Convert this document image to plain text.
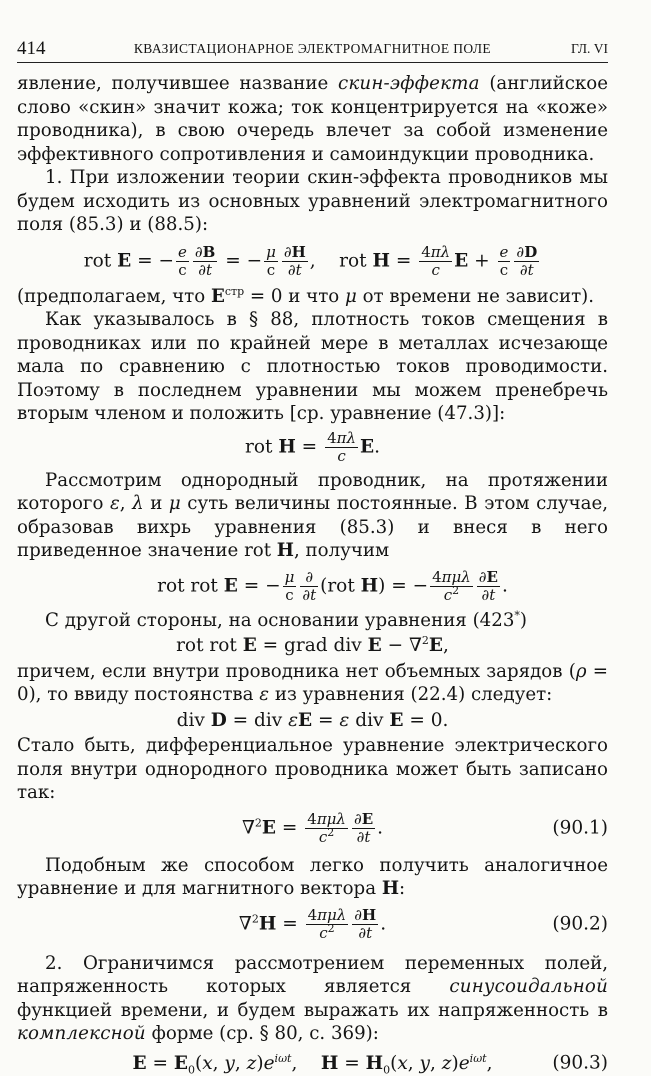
414	КВАЗИСТАЦИОНАРНОЕ ЭЛЕКТРОМАГНИТНОЕ ПОЛЕ	ГЛ. VI

явление, получившее название скин-эффекта (английское слово «скин» значит кожа; ток концентрируется на «коже» проводника), в свою очередь влечет за собой изменение эффективного сопротивления и самоиндукции проводника.

1. При изложении теории скин-эффекта проводников мы будем исходить из основных уравнений электромагнитного поля (85.3) и (88.5):

rot E = − $\frac{e}{c} \frac{\partial B}{\partial t}$ = − $\frac{\mu}{c} \frac{\partial H}{\partial t}$ ,    rot $H = \frac{4\pi\lambda}{c}$ $E + \frac{e}{c} \frac{\partial D}{\partial t}$

(предполагаем, что $E^{стр} = 0$ и что μ от времени не зависит).

Как указывалось в § 88, плотность токов смещения в проводниках или по крайней мере в металлах исчезающе мала по сравнению с плотностью токов проводимости. Поэтому в последнем уравнении мы можем пренебречь вторым членом и положить [ср. уравнение (47.3)]:

rot $H = \frac{4\pi\lambda}{c} E$.

Рассмотрим однородный проводник, на протяжении которого ε, λ и μ суть величины постоянные. В этом случае, образовав вихрь уравнения (85.3) и внеся в него приведенное значение rot H, получим

rot rot E = − $\frac{\mu}{c} \frac{\partial}{\partial t} (rot$ H) = − $\frac{\text{4πμλ}}{c^2} \frac{\partial E}{\partial t}$ .

С другой стороны, на основании уравнения (423*)

rot rot E = grad div E − ∇$^2$E,

причем, если внутри проводника нет объемных зарядов (ρ = 0), то ввиду постоянства ε из уравнения (22.4) следует:

div D = div εE = ε div E = 0.

Стало быть, дифференциальное уравнение электрического поля внутри однородного проводника может быть записано так:

$\nabla^2E = \frac{\text{4πμλ}}{c^2} \frac{\partial E}{\partial t}$ .	(90.1)

Подобным же способом легко получить аналогичное уравнение и для магнитного вектора H:

$\nabla^2H = \frac{\text{4πμλ}}{c^2} \frac{\partial H}{\partial t}$ .	(90.2)

2. Ограничимся рассмотрением переменных полей, напряженность которых является синусоидальной функцией времени, и будем выражать их напряженность в комплексной форме (ср. § 80, с. 369):

$E = E_0(x$, y, $z)e^{i\omega t}$,    $H = H_0(x$, y, $z)e^{i\omega t}$,	(90.3)
